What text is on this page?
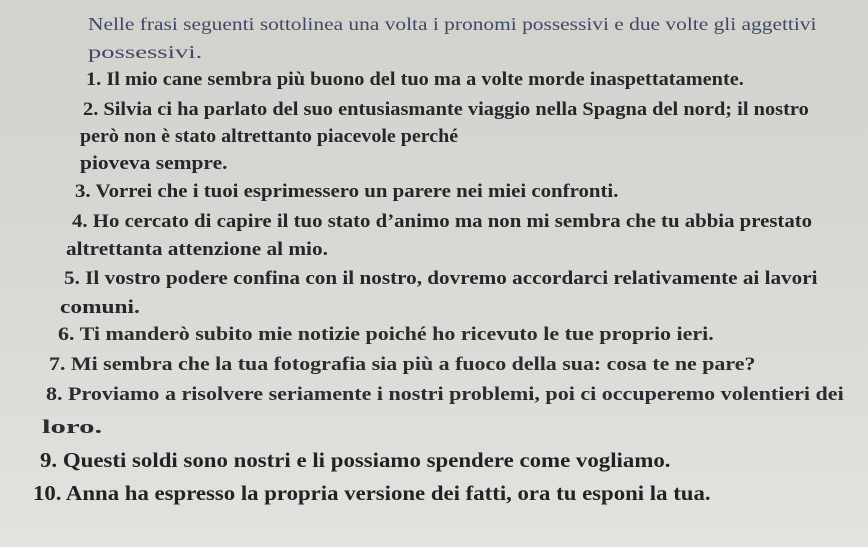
Nelle frasi seguenti sottolinea una volta i pronomi possessivi e due volte gli aggettivi
possessivi.
1. Il mio cane sembra più buono del tuo ma a volte morde inaspettatamente.
2. Silvia ci ha parlato del suo entusiasmante viaggio nella Spagna del nord; il nostro
però non è stato altrettanto piacevole perché
pioveva sempre.
3. Vorrei che i tuoi esprimessero un parere nei miei confronti.
4. Ho cercato di capire il tuo stato d’animo ma non mi sembra che tu abbia prestato
altrettanta attenzione al mio.
5. Il vostro podere confina con il nostro, dovremo accordarci relativamente ai lavori
comuni.
6. Ti manderò subito mie notizie poiché ho ricevuto le tue proprio ieri.
7. Mi sembra che la tua fotografia sia più a fuoco della sua: cosa te ne pare?
8. Proviamo a risolvere seriamente i nostri problemi, poi ci occuperemo volentieri dei
loro.
9. Questi soldi sono nostri e li possiamo spendere come vogliamo.
10. Anna ha espresso la propria versione dei fatti, ora tu esponi la tua.
